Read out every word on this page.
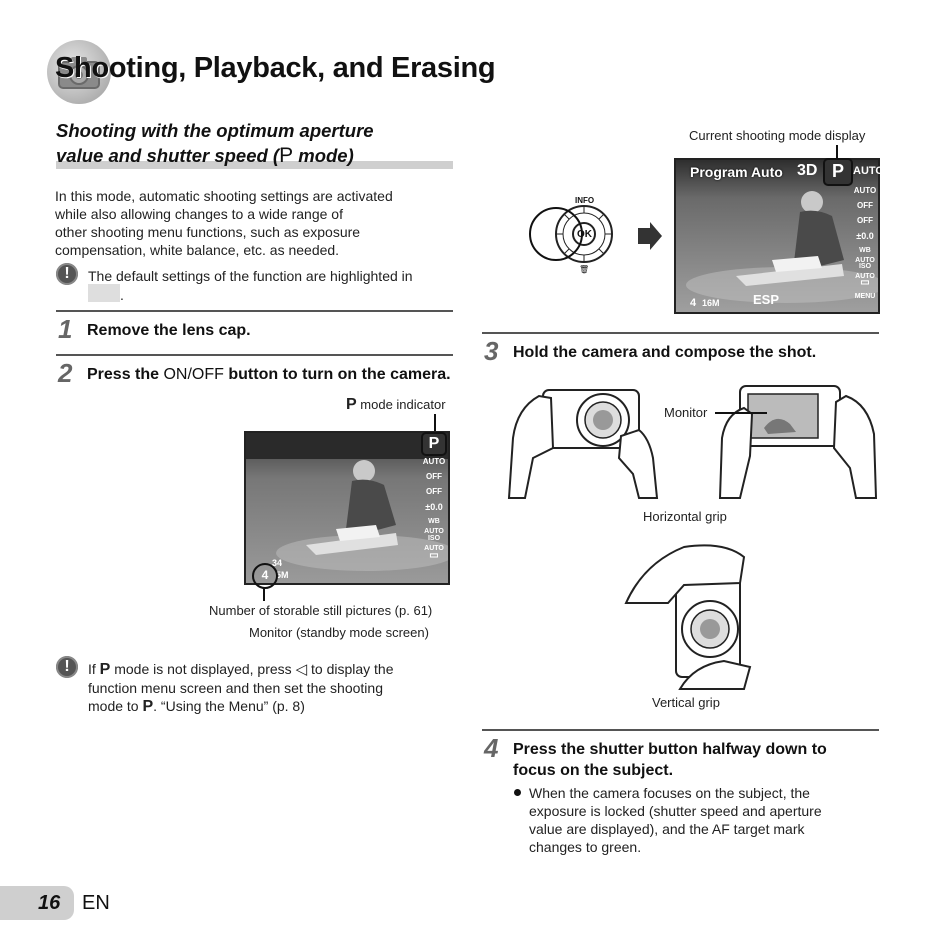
Shooting, Playback, and Erasing
Shooting with the optimum aperture
value and shutter speed (P mode)
In this mode, automatic shooting settings are activated
while also allowing changes to a wide range of
other shooting menu functions, such as exposure
compensation, white balance, etc. as needed.
!	The default settings of the function are highlighted in
.
1 Remove the lens cap.
2 Press the ON/OFF button to turn on the camera.
P mode indicator
P
AUTO
OFF
OFF
±0.0
WB AUTO
ISO AUTO
▭
34
5M
4
Number of storable still pictures (p. 61)
Monitor (standby mode screen)
!	If P mode is not displayed, press ◁ to display the
function menu screen and then set the shooting
mode to P. “Using the Menu” (p. 8)
INFO
OK
🗑
Current shooting mode display
Program Auto 3D P AUTO
AUTO
OFF
OFF
±0.0
WB AUTO
ISO AUTO
▭
MENU
4 16M	ESP
3 Hold the camera and compose the shot.
Monitor
Horizontal grip
Vertical grip
4 Press the shutter button halfway down to
focus on the subject.
When the camera focuses on the subject, the
exposure is locked (shutter speed and aperture
value are displayed), and the AF target mark
changes to green.
16 EN
